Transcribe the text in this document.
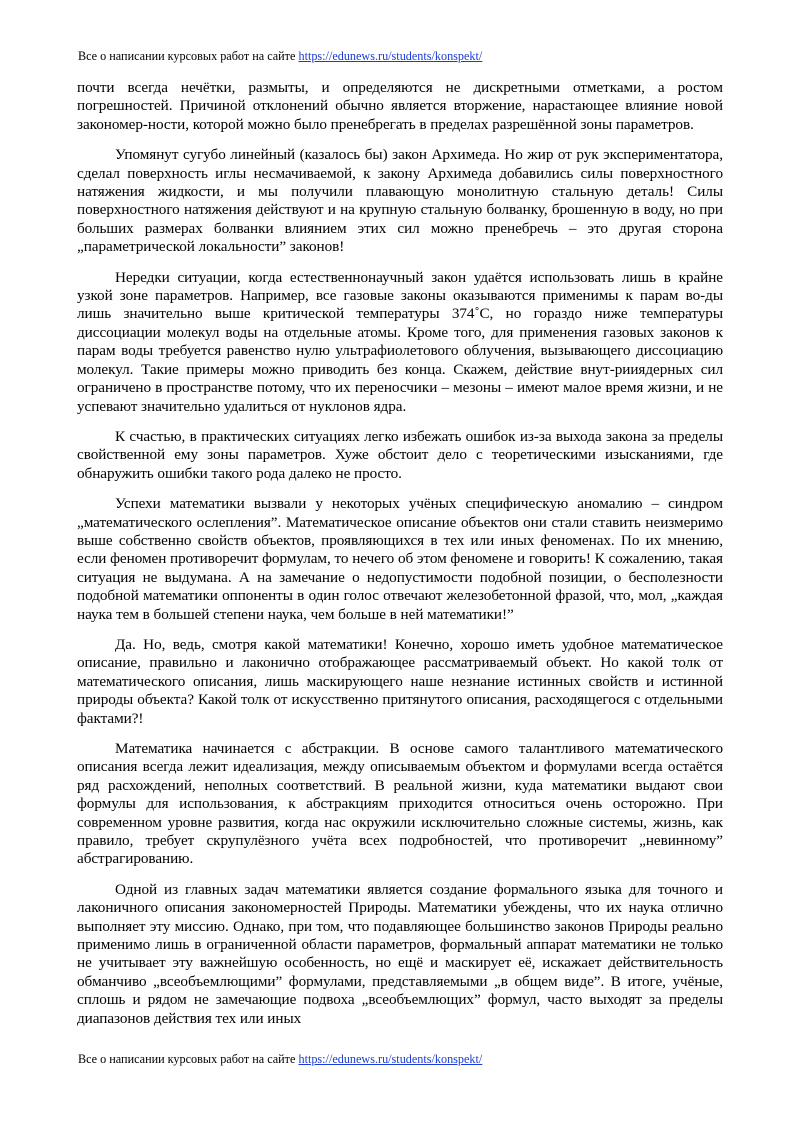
Все о написании курсовых работ на сайте https://edunews.ru/students/konspekt/

почти всегда нечётки, размыты, и определяются не дискретными отметками, а ростом погрешностей. Причиной отклонений обычно является вторжение, нарастающее влияние новой закономер-ности, которой можно было пренебрегать в пределах разрешённой зоны параметров.

Упомянут сугубо линейный (казалось бы) закон Архимеда. Но жир от рук экспериментатора, сделал поверхность иглы несмачиваемой, к закону Архимеда добавились силы поверхностного натяжения жидкости, и мы получили плавающую монолитную стальную деталь! Силы поверхностного натяжения действуют и на крупную стальную болванку, брошенную в воду, но при больших размерах болванки влиянием этих сил можно пренебречь – это другая сторона „параметрической локальности” законов!

Нередки ситуации, когда естественнонаучный закон удаётся использовать лишь в крайне узкой зоне параметров. Например, все газовые законы оказываются применимы к парам во-ды лишь значительно выше критической температуры 374˚С, но гораздо ниже температуры диссоциации молекул воды на отдельные атомы. Кроме того, для применения газовых законов к парам воды требуется равенство нулю ультрафиолетового облучения, вызывающего диссоциацию молекул. Такие примеры можно приводить без конца. Скажем, действие внут-рииядерных сил ограничено в пространстве потому, что их переносчики – мезоны – имеют малое время жизни, и не успевают значительно удалиться от нуклонов ядра.

К счастью, в практических ситуациях легко избежать ошибок из-за выхода закона за пределы свойственной ему зоны параметров. Хуже обстоит дело с теоретическими изысканиями, где обнаружить ошибки такого рода далеко не просто.

Успехи математики вызвали у некоторых учёных специфическую аномалию – синдром „математического ослепления”. Математическое описание объектов они стали ставить неизмеримо выше собственно свойств объектов, проявляющихся в тех или иных феноменах. По их мнению, если феномен противоречит формулам, то нечего об этом феномене и говорить! К сожалению, такая ситуация не выдумана. А на замечание о недопустимости подобной позиции, о бесполезности подобной математики оппоненты в один голос отвечают железобетонной фразой, что, мол, „каждая наука тем в большей степени наука, чем больше в ней математики!”

Да. Но, ведь, смотря какой математики! Конечно, хорошо иметь удобное математическое описание, правильно и лаконично отображающее рассматриваемый объект. Но какой толк от математического описания, лишь маскирующего наше незнание истинных свойств и истинной природы объекта? Какой толк от искусственно притянутого описания, расходящегося с отдельными фактами?!

Математика начинается с абстракции. В основе самого талантливого математического описания всегда лежит идеализация, между описываемым объектом и формулами всегда остаётся ряд расхождений, неполных соответствий. В реальной жизни, куда математики выдают свои формулы для использования, к абстракциям приходится относиться очень осторожно. При современном уровне развития, когда нас окружили исключительно сложные системы, жизнь, как правило, требует скрупулёзного учёта всех подробностей, что противоречит „невинному” абстрагированию.

Одной из главных задач математики является создание формального языка для точного и лаконичного описания закономерностей Природы. Математики убеждены, что их наука отлично выполняет эту миссию. Однако, при том, что подавляющее большинство законов Природы реально применимо лишь в ограниченной области параметров, формальный аппарат математики не только не учитывает эту важнейшую особенность, но ещё и маскирует её, искажает действительность обманчиво „всеобъемлющими” формулами, представляемыми „в общем виде”. В итоге, учёные, сплошь и рядом не замечающие подвоха „всеобъемлющих” формул, часто выходят за пределы диапазонов действия тех или иных

Все о написании курсовых работ на сайте https://edunews.ru/students/konspekt/
